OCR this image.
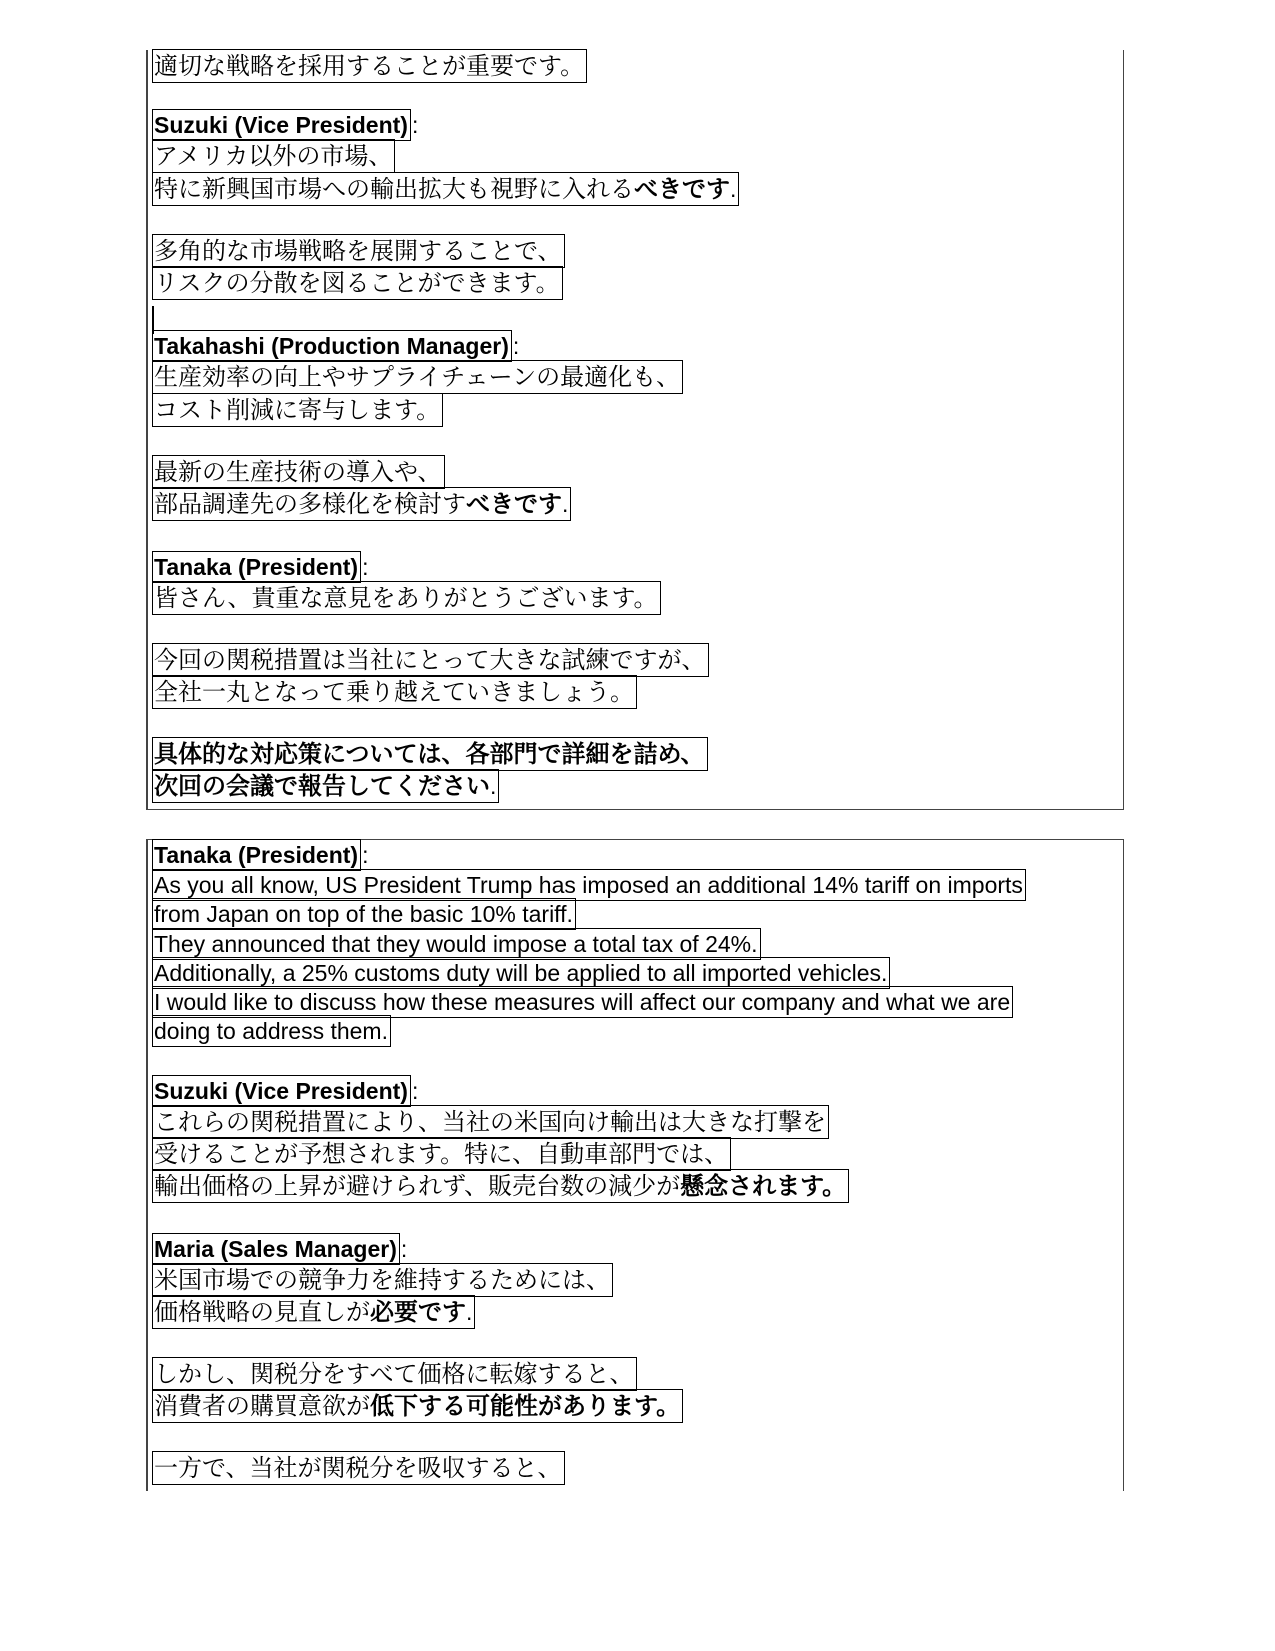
適切な戦略を採用することが重要です。
Suzuki (Vice President) :
アメリカ以外の市場、
特に新興国市場への輸出拡大も視野に入れるべきです.
多角的な市場戦略を展開することで、
リスクの分散を図ることができます。
Takahashi (Production Manager) :
生産効率の向上やサプライチェーンの最適化も、
コスト削減に寄与します。
最新の生産技術の導入や、
部品調達先の多様化を検討すべきです.
Tanaka (President) :
皆さん、貴重な意見をありがとうございます。
今回の関税措置は当社にとって大きな試練ですが、
全社一丸となって乗り越えていきましょう。
具体的な対応策については、各部門で詳細を詰め、
次回の会議で報告してください.
Tanaka (President) :
As you all know, US President Trump has imposed an additional 14% tariff on imports
from Japan on top of the basic 10% tariff.
They announced that they would impose a total tax of 24%.
Additionally, a 25% customs duty will be applied to all imported vehicles.
I would like to discuss how these measures will affect our company and what we are
doing to address them.
Suzuki (Vice President) :
これらの関税措置により、当社の米国向け輸出は大きな打撃を
受けることが予想されます。特に、自動車部門では、
輸出価格の上昇が避けられず、販売台数の減少が懸念されます。
Maria (Sales Manager) :
米国市場での競争力を維持するためには、
価格戦略の見直しが必要です.
しかし、関税分をすべて価格に転嫁すると、
消費者の購買意欲が低下する可能性があります。
一方で、当社が関税分を吸収すると、
